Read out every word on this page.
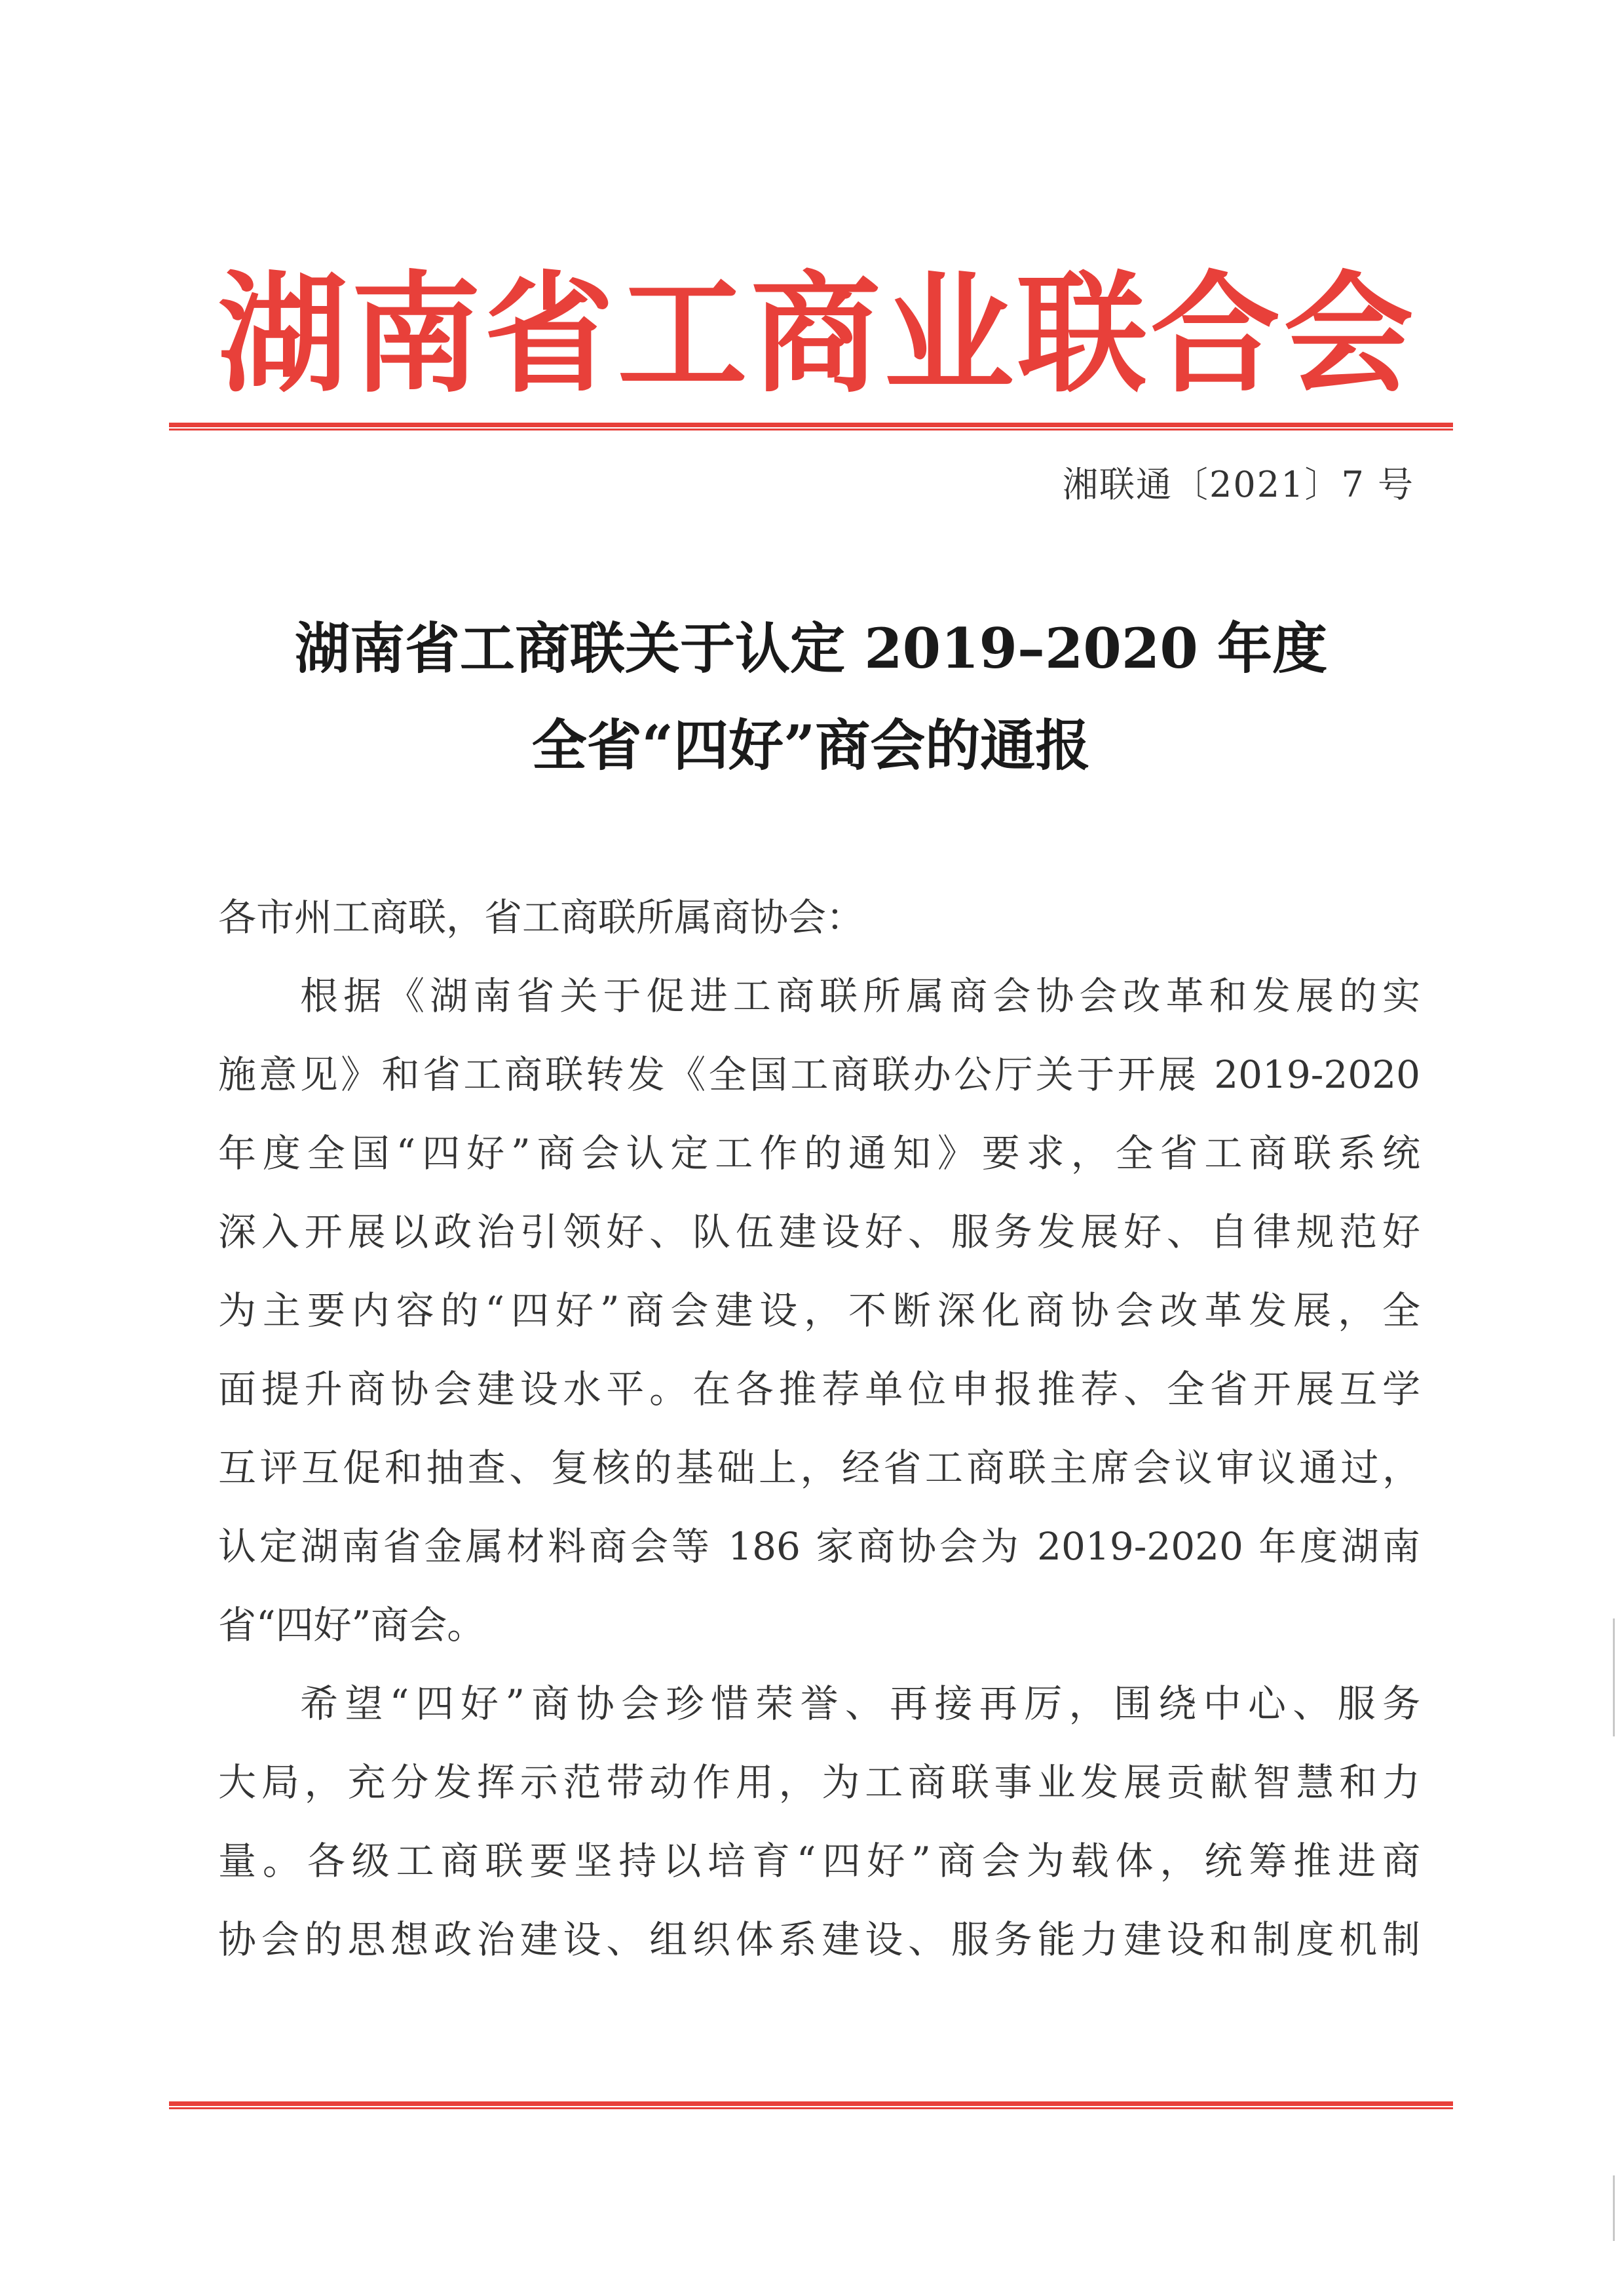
湖 南 省 工 商 业 联 合 会
湘联通〔2021〕7 号
湖南省工商联关于认定 2019–2020 年度
全省“四好”商会的通报
各市州工商联，省工商联所属商协会：
根据《湖南省关于促进工商联所属商会协会改革和发展的实
施意见》和省工商联转发《全国工商联办公厅关于开展 2019-2020
年度全国“四好”商会认定工作的通知》要求，全省工商联系统
深入开展以政治引领好、队伍建设好、服务发展好、自律规范好
为主要内容的“四好”商会建设，不断深化商协会改革发展，全
面提升商协会建设水平。在各推荐单位申报推荐、全省开展互学
互评互促和抽查、复核的基础上，经省工商联主席会议审议通过，
认定湖南省金属材料商会等 186 家商协会为 2019-2020 年度湖南
省“四好”商会。
希望“四好”商协会珍惜荣誉、再接再厉，围绕中心、服务
大局，充分发挥示范带动作用，为工商联事业发展贡献智慧和力
量。各级工商联要坚持以培育“四好”商会为载体，统筹推进商
协会的思想政治建设、组织体系建设、服务能力建设和制度机制
